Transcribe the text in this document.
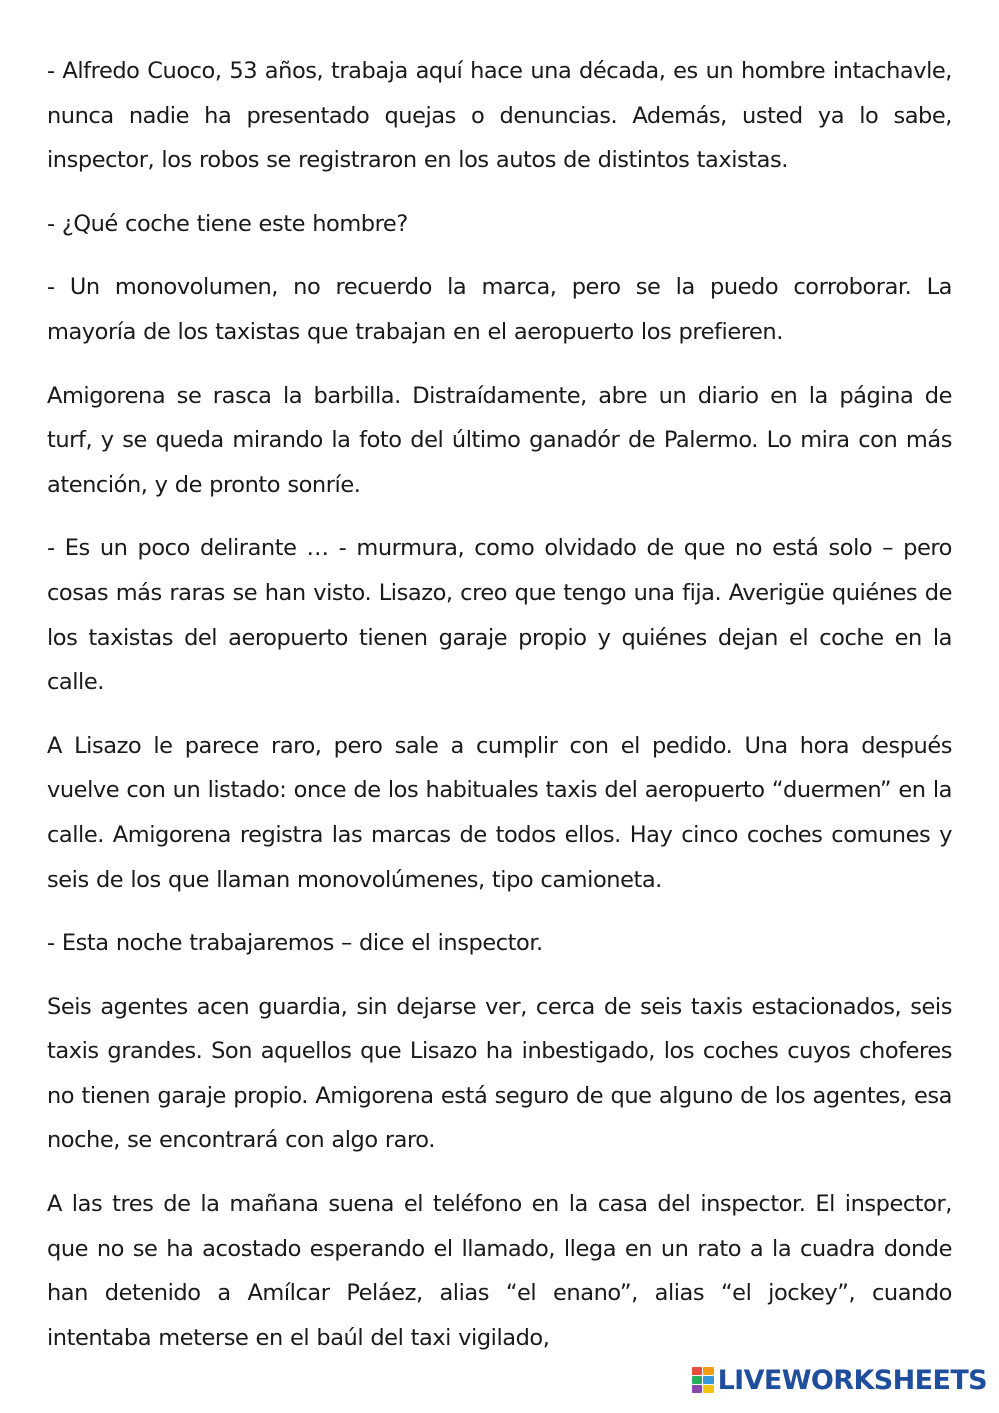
- Alfredo Cuoco, 53 años, trabaja aquí hace una década, es un hombre intachavle, nunca nadie ha presentado quejas o denuncias. Además, usted ya lo sabe, inspector, los robos se registraron en los autos de distintos taxistas.

- ¿Qué coche tiene este hombre?

- Un monovolumen, no recuerdo la marca, pero se la puedo corroborar. La mayoría de los taxistas que trabajan en el aeropuerto los prefieren.

Amigorena se rasca la barbilla. Distraídamente, abre un diario en la página de turf, y se queda mirando la foto del último ganadór de Palermo. Lo mira con más atención, y de pronto sonríe.

- Es un poco delirante … - murmura, como olvidado de que no está solo – pero cosas más raras se han visto. Lisazo, creo que tengo una fija. Averigüe quiénes de los taxistas del aeropuerto tienen garaje propio y quiénes dejan el coche en la calle.

A Lisazo le parece raro, pero sale a cumplir con el pedido. Una hora después vuelve con un listado: once de los habituales taxis del aeropuerto “duermen” en la calle. Amigorena registra las marcas de todos ellos. Hay cinco coches comunes y seis de los que llaman monovolúmenes, tipo camioneta.

- Esta noche trabajaremos – dice el inspector.

Seis agentes acen guardia, sin dejarse ver, cerca de seis taxis estacionados, seis taxis grandes. Son aquellos que Lisazo ha inbestigado, los coches cuyos choferes no tienen garaje propio. Amigorena está seguro de que alguno de los agentes, esa noche, se encontrará con algo raro.

A las tres de la mañana suena el teléfono en la casa del inspector. El inspector, que no se ha acostado esperando el llamado, llega en un rato a la cuadra donde han detenido a Amílcar Peláez, alias “el enano”, alias “el jockey”, cuando intentaba meterse en el baúl del taxi vigilado,

LIVEWORKSHEETS
